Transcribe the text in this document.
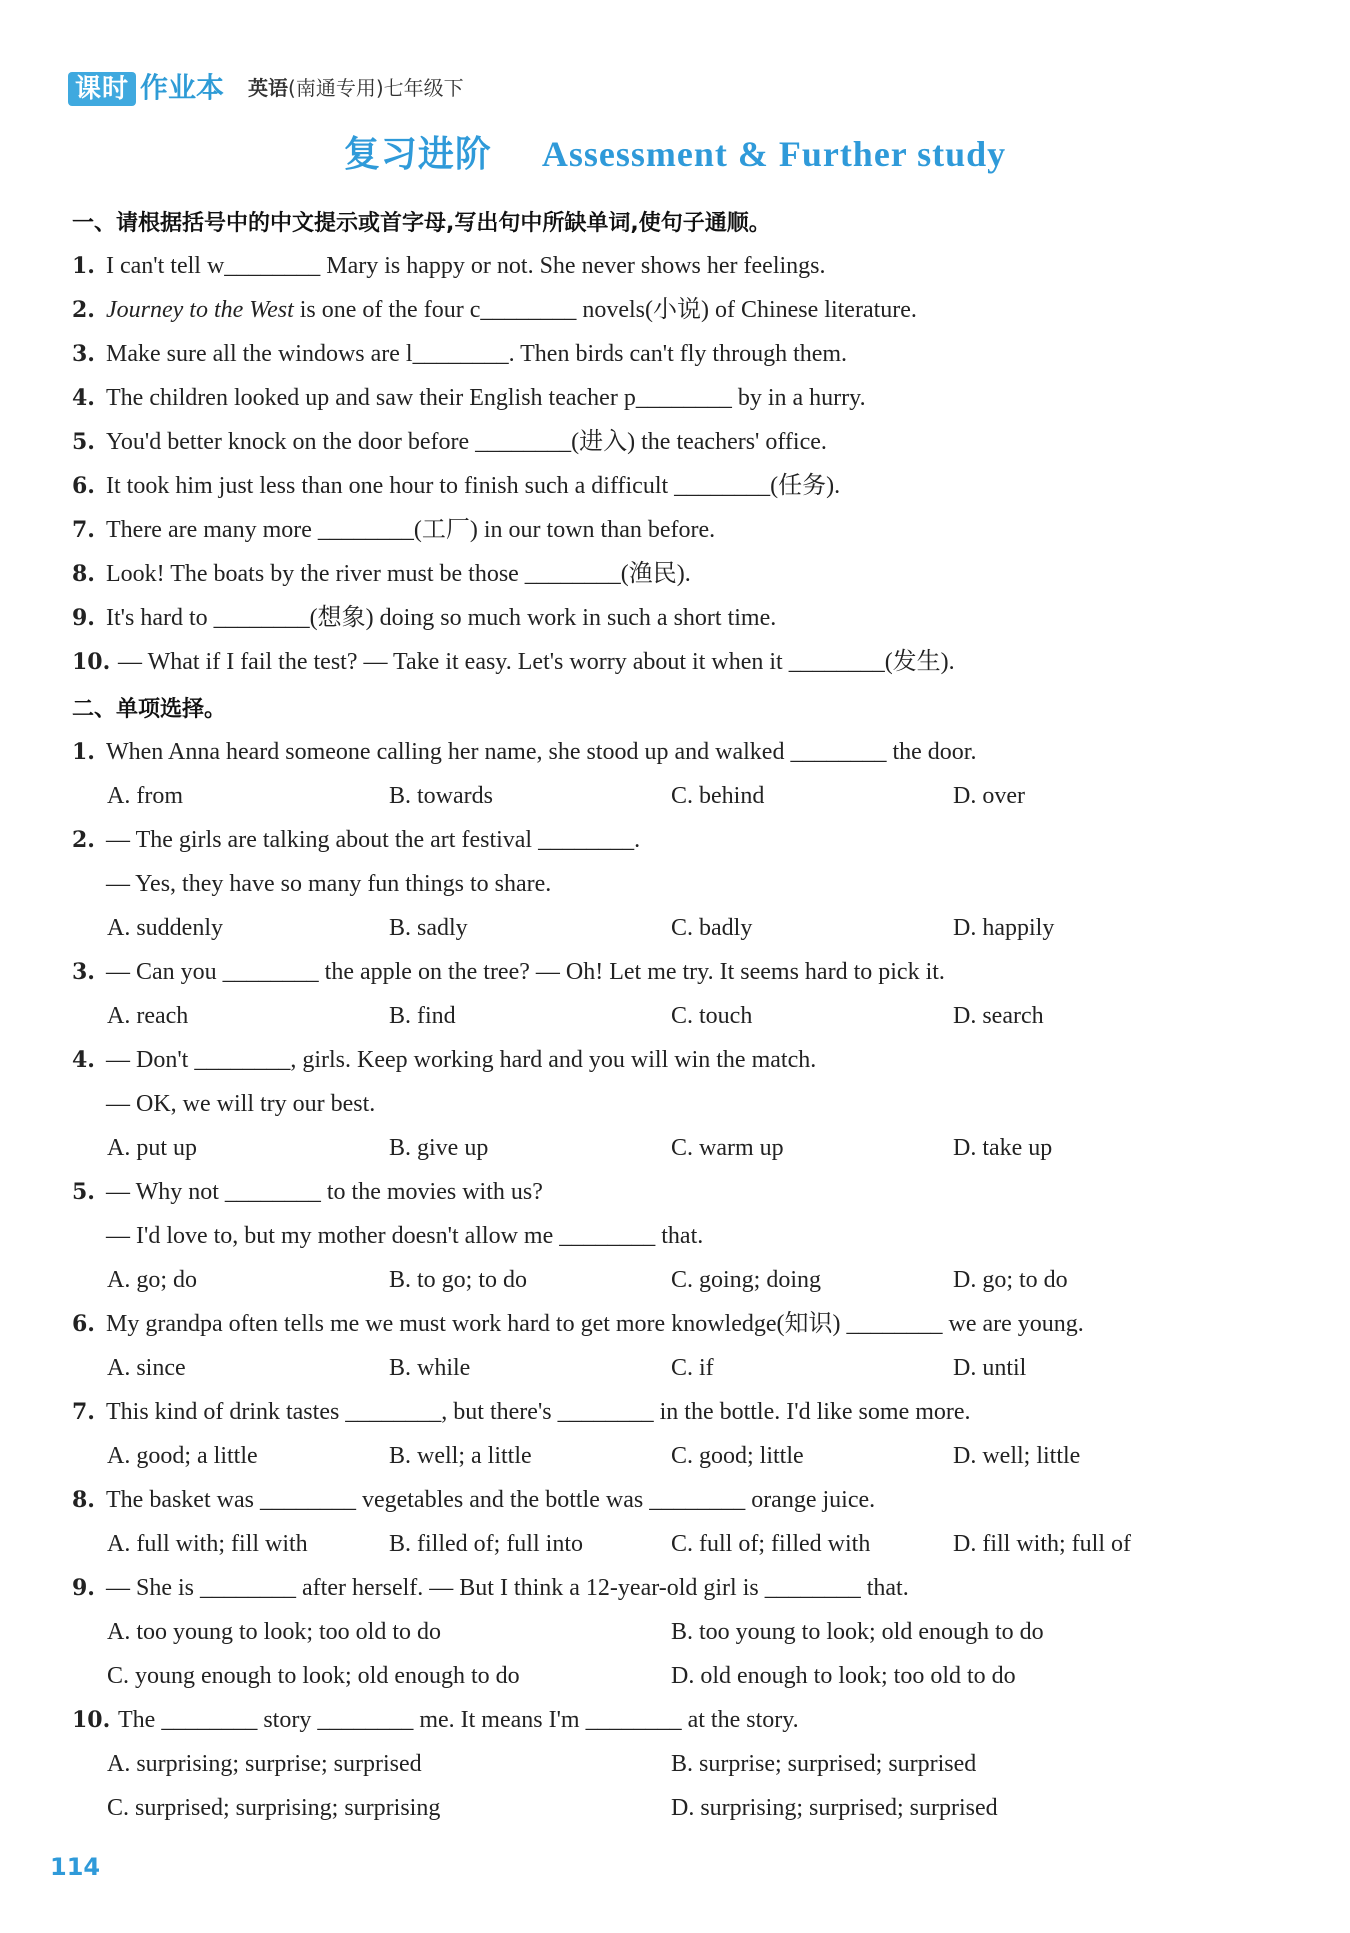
课时 作业本 英语(南通专用)七年级下
复习进阶 Assessment & Further study
一、请根据括号中的中文提示或首字母,写出句中所缺单词,使句子通顺。
1. I can't tell w________ Mary is happy or not. She never shows her feelings.
2. Journey to the West is one of the four c________ novels(小说) of Chinese literature.
3. Make sure all the windows are l________. Then birds can't fly through them.
4. The children looked up and saw their English teacher p________ by in a hurry.
5. You'd better knock on the door before ________(进入) the teachers' office.
6. It took him just less than one hour to finish such a difficult ________(任务).
7. There are many more ________(工厂) in our town than before.
8. Look! The boats by the river must be those ________(渔民).
9. It's hard to ________(想象) doing so much work in such a short time.
10. — What if I fail the test? — Take it easy. Let's worry about it when it ________(发生).
二、单项选择。
1. When Anna heard someone calling her name, she stood up and walked ________ the door.
A. from	B. towards	C. behind	D. over
2. — The girls are talking about the art festival ________.
— Yes, they have so many fun things to share.
A. suddenly	B. sadly	C. badly	D. happily
3. — Can you ________ the apple on the tree? — Oh! Let me try. It seems hard to pick it.
A. reach	B. find	C. touch	D. search
4. — Don't ________, girls. Keep working hard and you will win the match.
— OK, we will try our best.
A. put up	B. give up	C. warm up	D. take up
5. — Why not ________ to the movies with us?
— I'd love to, but my mother doesn't allow me ________ that.
A. go; do	B. to go; to do	C. going; doing	D. go; to do
6. My grandpa often tells me we must work hard to get more knowledge(知识) ________ we are young.
A. since	B. while	C. if	D. until
7. This kind of drink tastes ________, but there's ________ in the bottle. I'd like some more.
A. good; a little	B. well; a little	C. good; little	D. well; little
8. The basket was ________ vegetables and the bottle was ________ orange juice.
A. full with; fill with	B. filled of; full into	C. full of; filled with	D. fill with; full of
9. — She is ________ after herself. — But I think a 12-year-old girl is ________ that.
A. too young to look; too old to do	B. too young to look; old enough to do
C. young enough to look; old enough to do	D. old enough to look; too old to do
10. The ________ story ________ me. It means I'm ________ at the story.
A. surprising; surprise; surprised	B. surprise; surprised; surprised
C. surprised; surprising; surprising	D. surprising; surprised; surprised
114
